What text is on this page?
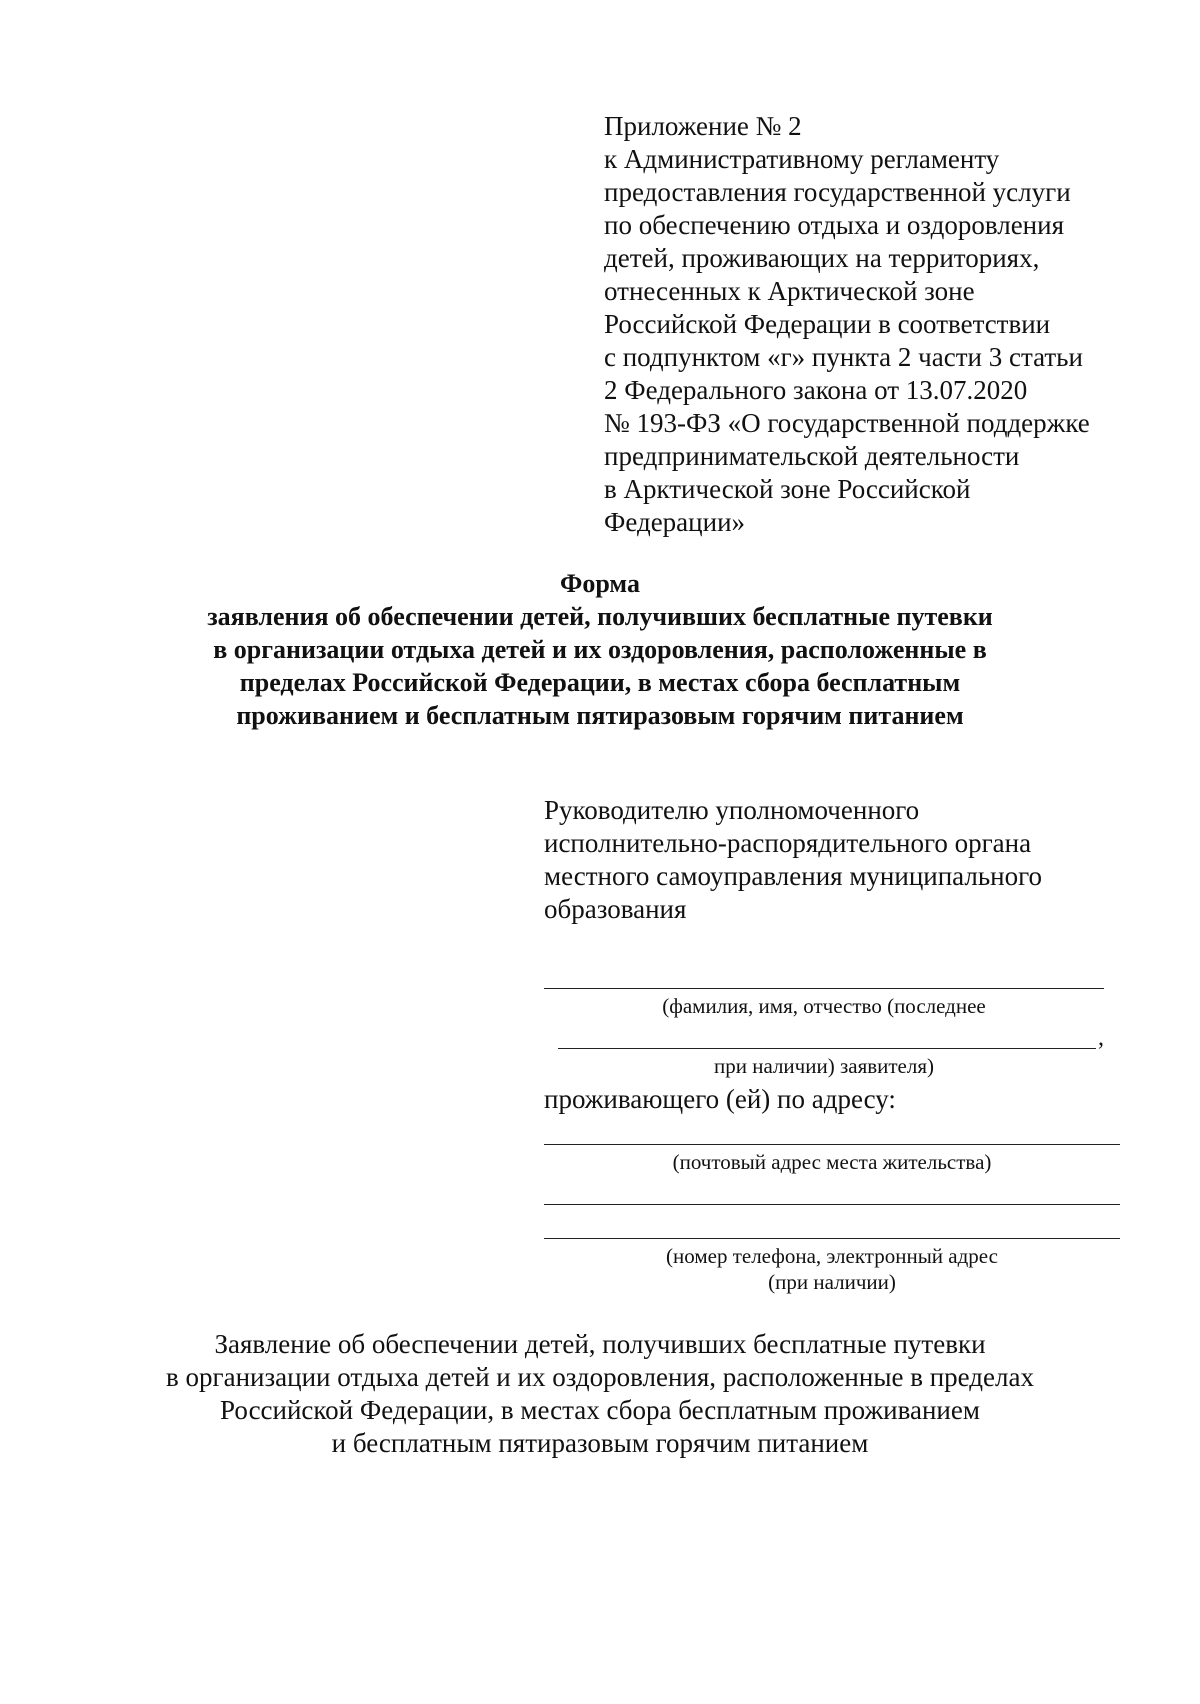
Приложение № 2
к Административному регламенту
предоставления государственной услуги
по обеспечению отдыха и оздоровления
детей, проживающих на территориях,
отнесенных к Арктической зоне
Российской Федерации в соответствии
с подпунктом «г» пункта 2 части 3 статьи
2 Федерального закона от 13.07.2020
№ 193-ФЗ «О государственной поддержке
предпринимательской деятельности
в Арктической зоне Российской
Федерации»
Форма
заявления об обеспечении детей, получивших бесплатные путевки
в организации отдыха детей и их оздоровления, расположенные в
пределах Российской Федерации, в местах сбора бесплатным
проживанием и бесплатным пятиразовым горячим питанием
Руководителю уполномоченного
исполнительно-распорядительного органа
местного самоуправления муниципального
образования
(фамилия, имя, отчество (последнее
,
при наличии) заявителя)
проживающего (ей) по адресу:
(почтовый адрес места жительства)
(номер телефона, электронный адрес
(при наличии)
Заявление об обеспечении детей, получивших бесплатные путевки
в организации отдыха детей и их оздоровления, расположенные в пределах
Российской Федерации, в местах сбора бесплатным проживанием
и бесплатным пятиразовым горячим питанием
